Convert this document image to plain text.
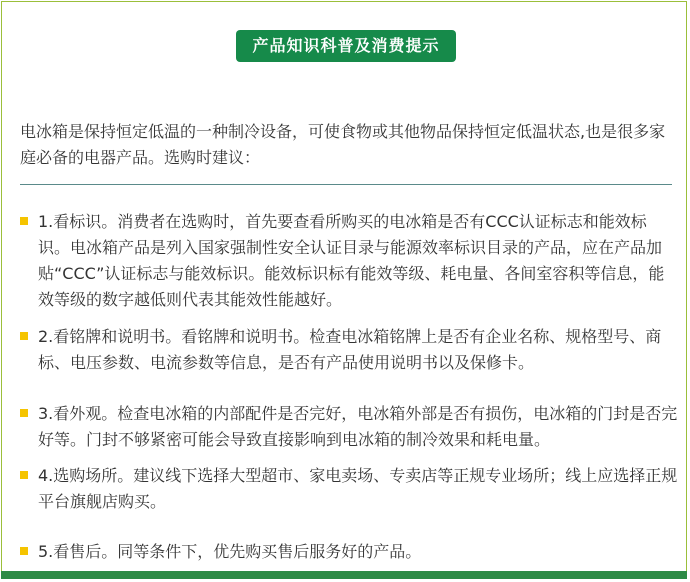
产品知识科普及消费提示

电冰箱是保持恒定低温的一种制冷设备，可使食物或其他物品保持恒定低温状态,也是很多家庭必备的电器产品。选购时建议：

1.看标识。消费者在选购时，首先要查看所购买的电冰箱是否有CCC认证标志和能效标识。电冰箱产品是列入国家强制性安全认证目录与能源效率标识目录的产品，应在产品加贴“CCC”认证标志与能效标识。能效标识标有能效等级、耗电量、各间室容积等信息，能效等级的数字越低则代表其能效性能越好。
2.看铭牌和说明书。看铭牌和说明书。检查电冰箱铭牌上是否有企业名称、规格型号、商标、电压参数、电流参数等信息，是否有产品使用说明书以及保修卡。
3.看外观。检查电冰箱的内部配件是否完好，电冰箱外部是否有损伤，电冰箱的门封是否完好等。门封不够紧密可能会导致直接影响到电冰箱的制冷效果和耗电量。
4.选购场所。建议线下选择大型超市、家电卖场、专卖店等正规专业场所；线上应选择正规平台旗舰店购买。
5.看售后。同等条件下，优先购买售后服务好的产品。
